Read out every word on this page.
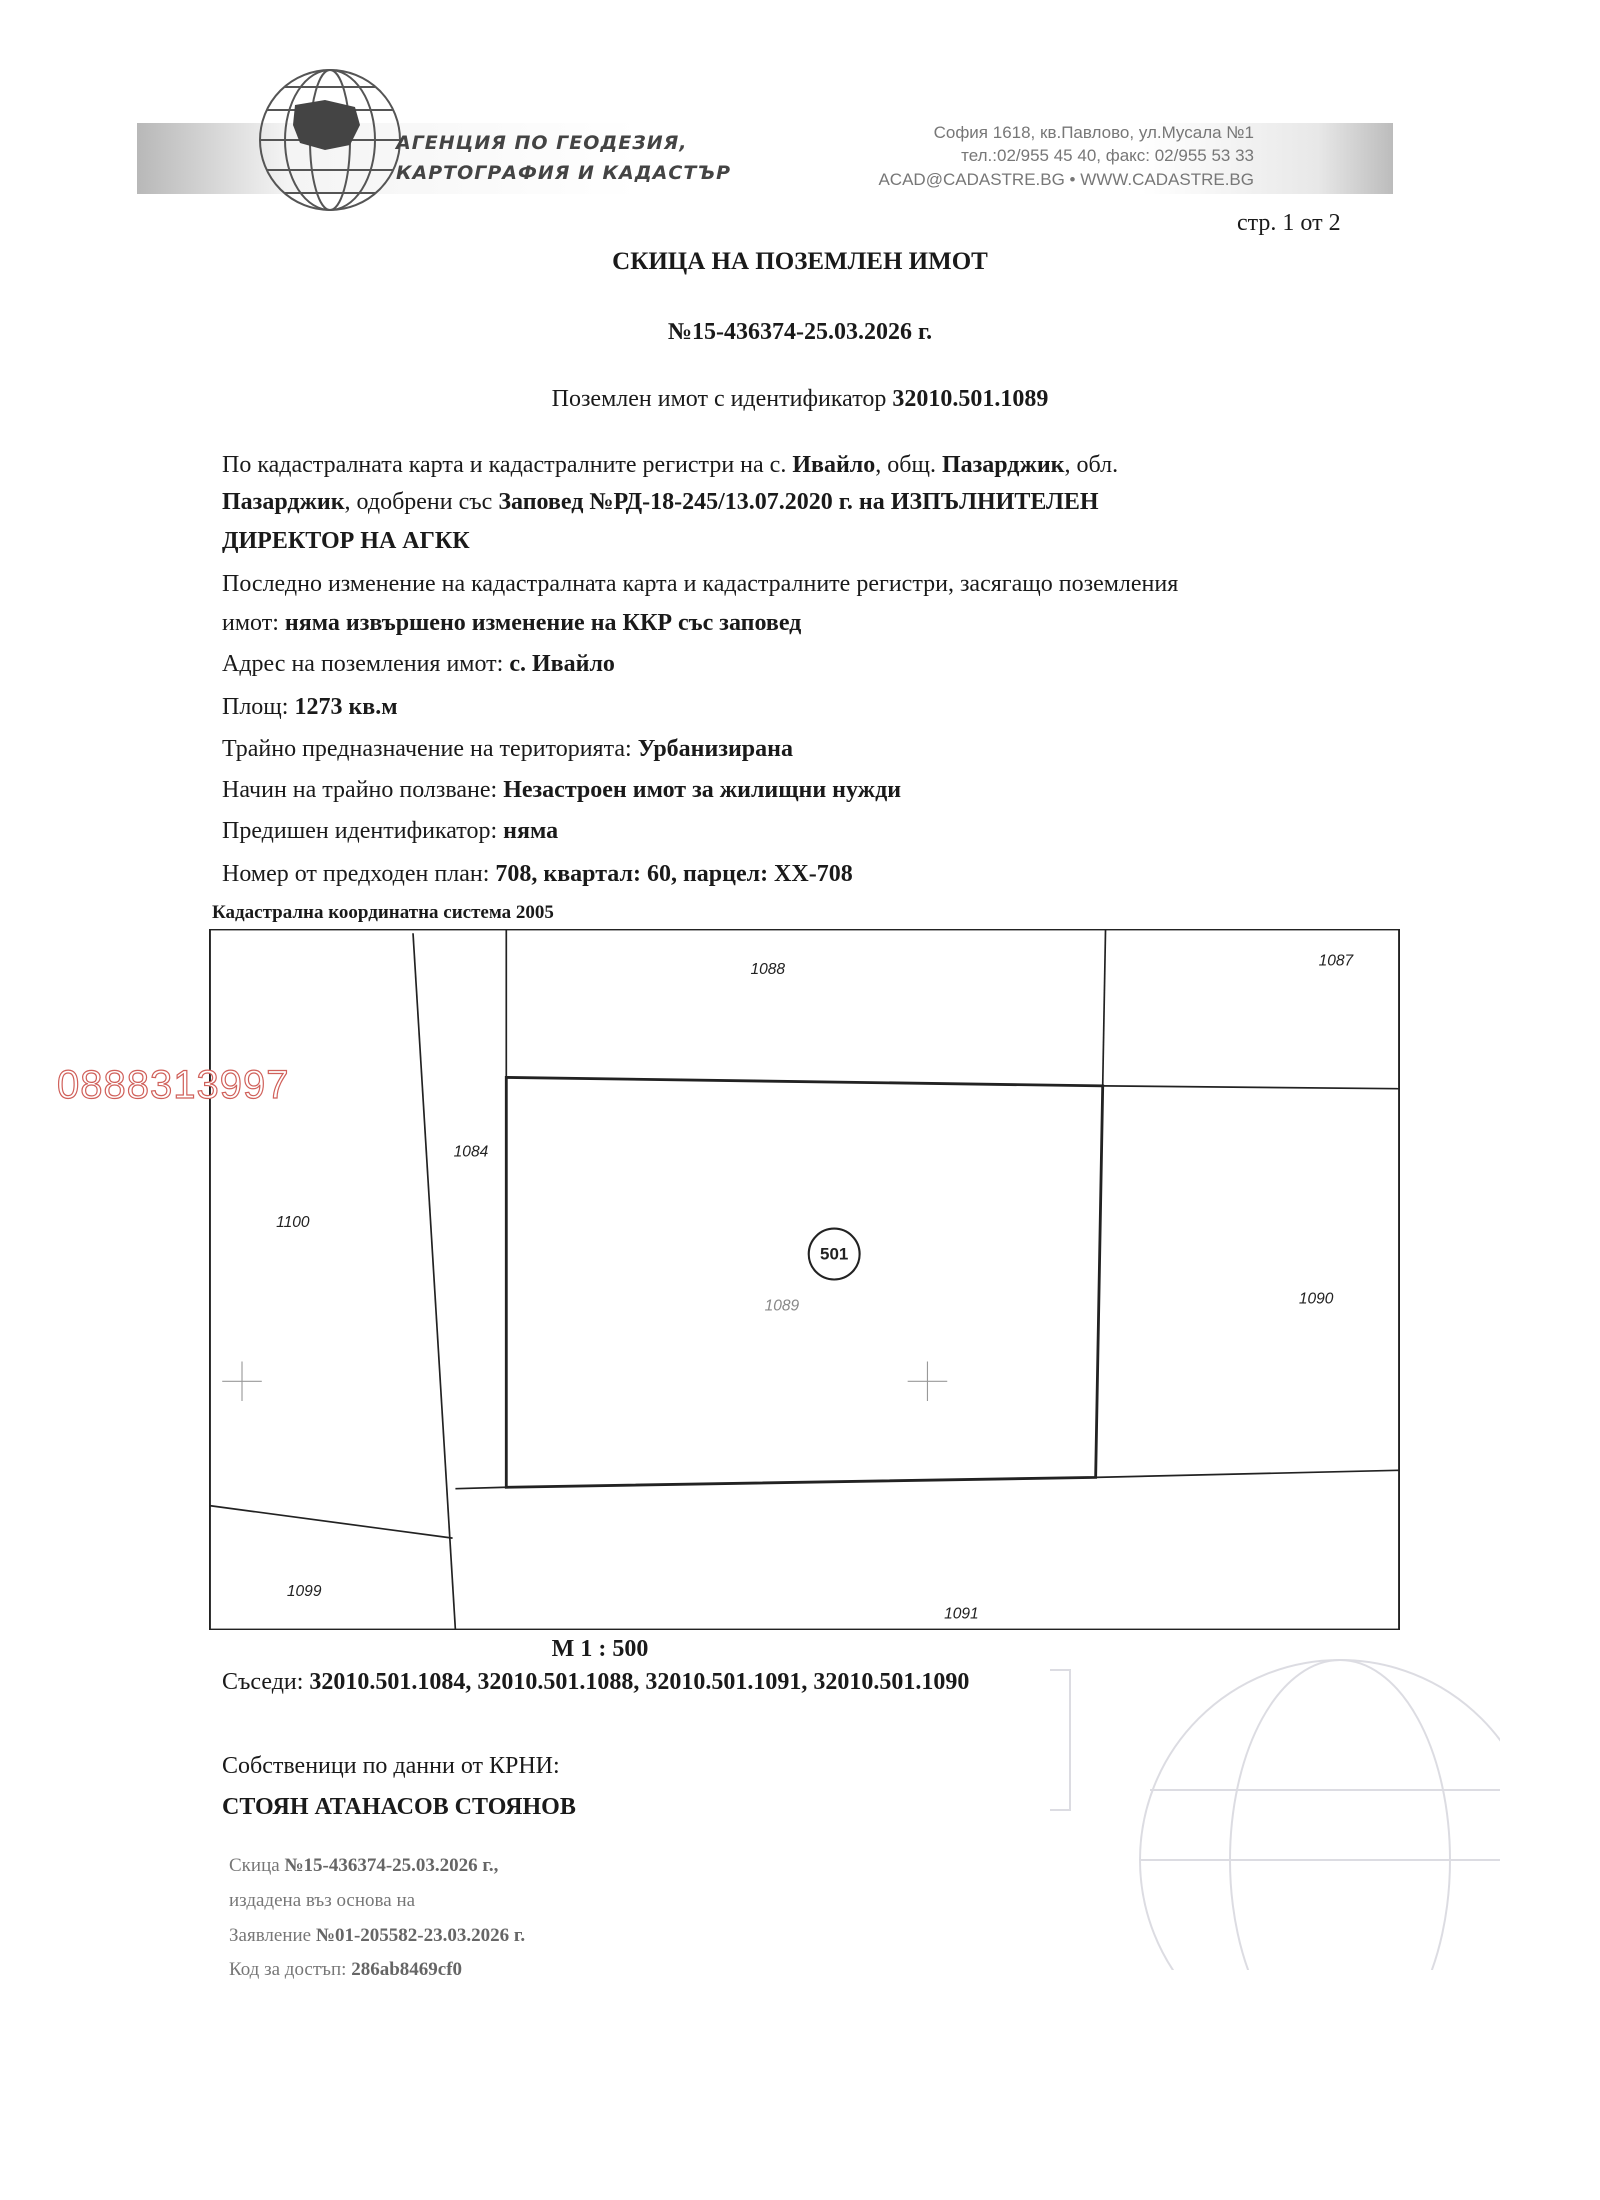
АГЕНЦИЯ ПО ГЕОДЕЗИЯ,
КАРТОГРАФИЯ И КАДАСТЪР
София 1618, кв.Павлово, ул.Мусала №1
тел.:02/955 45 40, факс: 02/955 53 33
ACAD@CADASTRE.BG • WWW.CADASTRE.BG
стр. 1 от 2
СКИЦА НА ПОЗЕМЛЕН ИМОТ
№15-436374-25.03.2026 г.
Поземлен имот с идентификатор 32010.501.1089
По кадастралната карта и кадастралните регистри на с. Ивайло, общ. Пазарджик, обл.
Пазарджик, одобрени със Заповед №РД-18-245/13.07.2020 г. на ИЗПЪЛНИТЕЛЕН
ДИРЕКТОР НА АГКК
Последно изменение на кадастралната карта и кадастралните регистри, засягащо поземления
имот: няма извършено изменение на ККР със заповед
Адрес на поземления имот: с. Ивайло
Площ: 1273 кв.м
Трайно предназначение на територията: Урбанизирана
Начин на трайно ползване: Незастроен имот за жилищни нужди
Предишен идентификатор: няма
Номер от предходен план: 708, квартал: 60, парцел: XX-708
Кадастрална координатна система 2005
1088	1087
1084
1100
1089	1090
1099
1091
501
0888313997
М 1 : 500
Съседи: 32010.501.1084, 32010.501.1088, 32010.501.1091, 32010.501.1090
Собственици по данни от КРНИ:
СТОЯН АТАНАСОВ СТОЯНОВ
Скица №15-436374-25.03.2026 г.,
издадена въз основа на
Заявление №01-205582-23.03.2026 г.
Код за достъп: 286ab8469cf0
